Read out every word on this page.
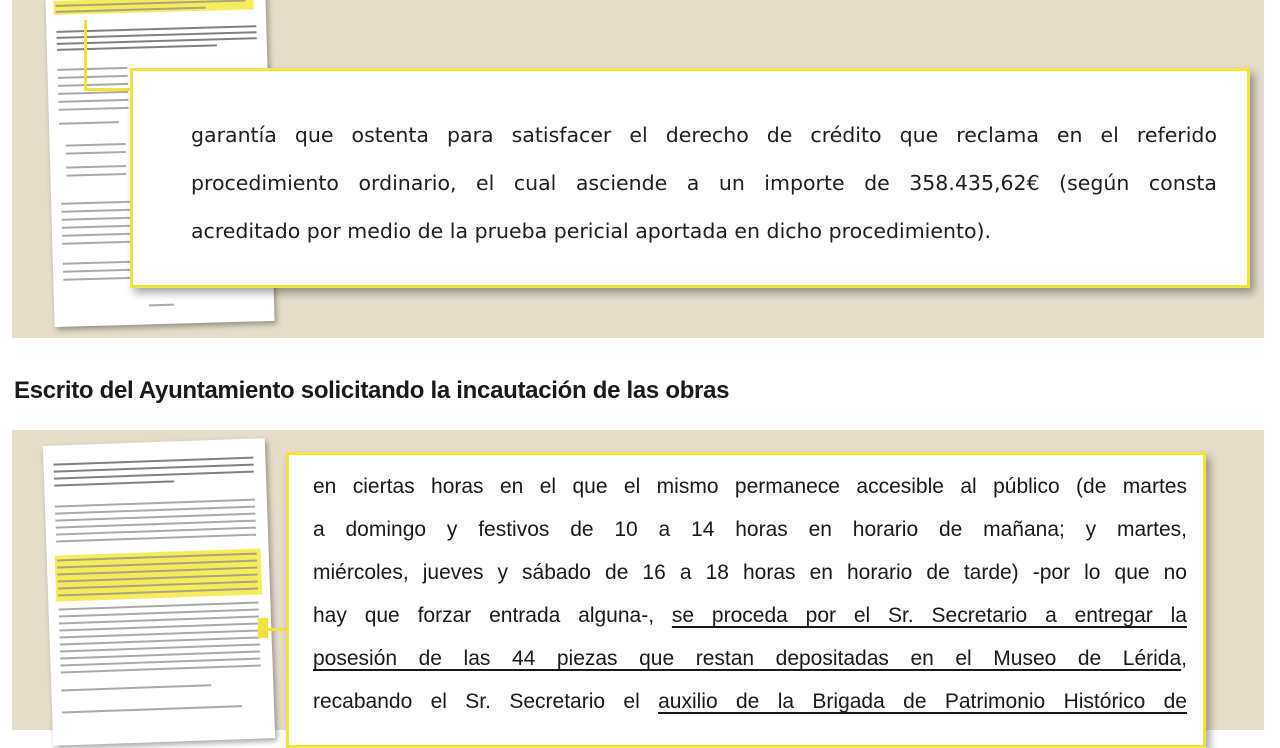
garantía que ostenta para satisfacer el derecho de crédito que reclama en el referido
procedimiento ordinario, el cual asciende a un importe de 358.435,62€ (según consta
acreditado por medio de la prueba pericial aportada en dicho procedimiento).
Escrito del Ayuntamiento solicitando la incautación de las obras
en ciertas horas en el que el mismo permanece accesible al público (de martes
a domingo y festivos de 10 a 14 horas en horario de mañana; y martes,
miércoles, jueves y sábado de 16 a 18 horas en horario de tarde) -por lo que no
hay que forzar entrada alguna-, se proceda por el Sr. Secretario a entregar la
posesión de las 44 piezas que restan depositadas en el Museo de Lérida,
recabando el Sr. Secretario el auxilio de la Brigada de Patrimonio Histórico de
